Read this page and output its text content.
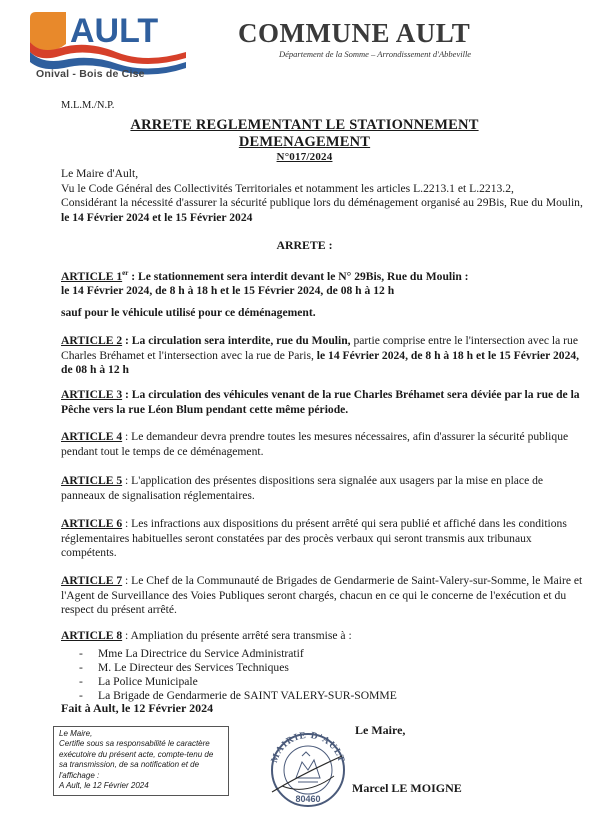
AULT
Onival - Bois de Cise
COMMUNE AULT
Département de la Somme – Arrondissement d'Abbeville
M.L.M./N.P.
ARRETE REGLEMENTANT LE STATIONNEMENT
DEMENAGEMENT
N°017/2024

Le Maire d'Ault,

Vu le Code Général des Collectivités Territoriales et notamment les articles L.2213.1 et L.2213.2,

Considérant la nécessité d'assurer la sécurité publique lors du déménagement organisé au 29Bis, Rue du Moulin, le 14 Février 2024 et le 15 Février 2024

ARRETE :

ARTICLE 1er : Le stationnement sera interdit devant le N° 29Bis, Rue du Moulin :

le 14 Février 2024, de 8 h à 18 h et le 15 Février 2024, de 08 h à 12 h

sauf pour le véhicule utilisé pour ce déménagement.

ARTICLE 2 : La circulation sera interdite, rue du Moulin, partie comprise entre le l'intersection avec la rue Charles Bréhamet et l'intersection avec la rue de Paris, le 14 Février 2024, de 8 h à 18 h et le 15 Février 2024, de 08 h à 12 h

ARTICLE 3 : La circulation des véhicules venant de la rue Charles Bréhamet sera déviée par la rue de la Pêche vers la rue Léon Blum pendant cette même période.

ARTICLE 4 : Le demandeur devra prendre toutes les mesures nécessaires, afin d'assurer la sécurité publique pendant tout le temps de ce déménagement.

ARTICLE 5 : L'application des présentes dispositions sera signalée aux usagers par la mise en place de panneaux de signalisation réglementaires.

ARTICLE 6 : Les infractions aux dispositions du présent arrêté qui sera publié et affiché dans les conditions réglementaires habituelles seront constatées par des procès verbaux qui seront transmis aux tribunaux compétents.

ARTICLE 7 : Le Chef de la Communauté de Brigades de Gendarmerie de Saint-Valery-sur-Somme, le Maire et l'Agent de Surveillance des Voies Publiques seront chargés, chacun en ce qui le concerne de l'exécution et du respect du présent arrêté.

ARTICLE 8 : Ampliation du présente arrêté sera transmise à :

- Mme La Directrice du Service Administratif
- M. Le Directeur des Services Techniques
- La Police Municipale
- La Brigade de Gendarmerie de SAINT VALERY-SUR-SOMME
Fait à Ault, le 12 Février 2024

Le Maire,

Certifie sous sa responsabilité le caractère exécutoire du présent acte, compte-tenu de sa transmission, de sa notification et de l'affichage :

A Ault, le 12 Février 2024

MAIRIE D'AULT
80460
Le Maire,
Marcel LE MOIGNE
